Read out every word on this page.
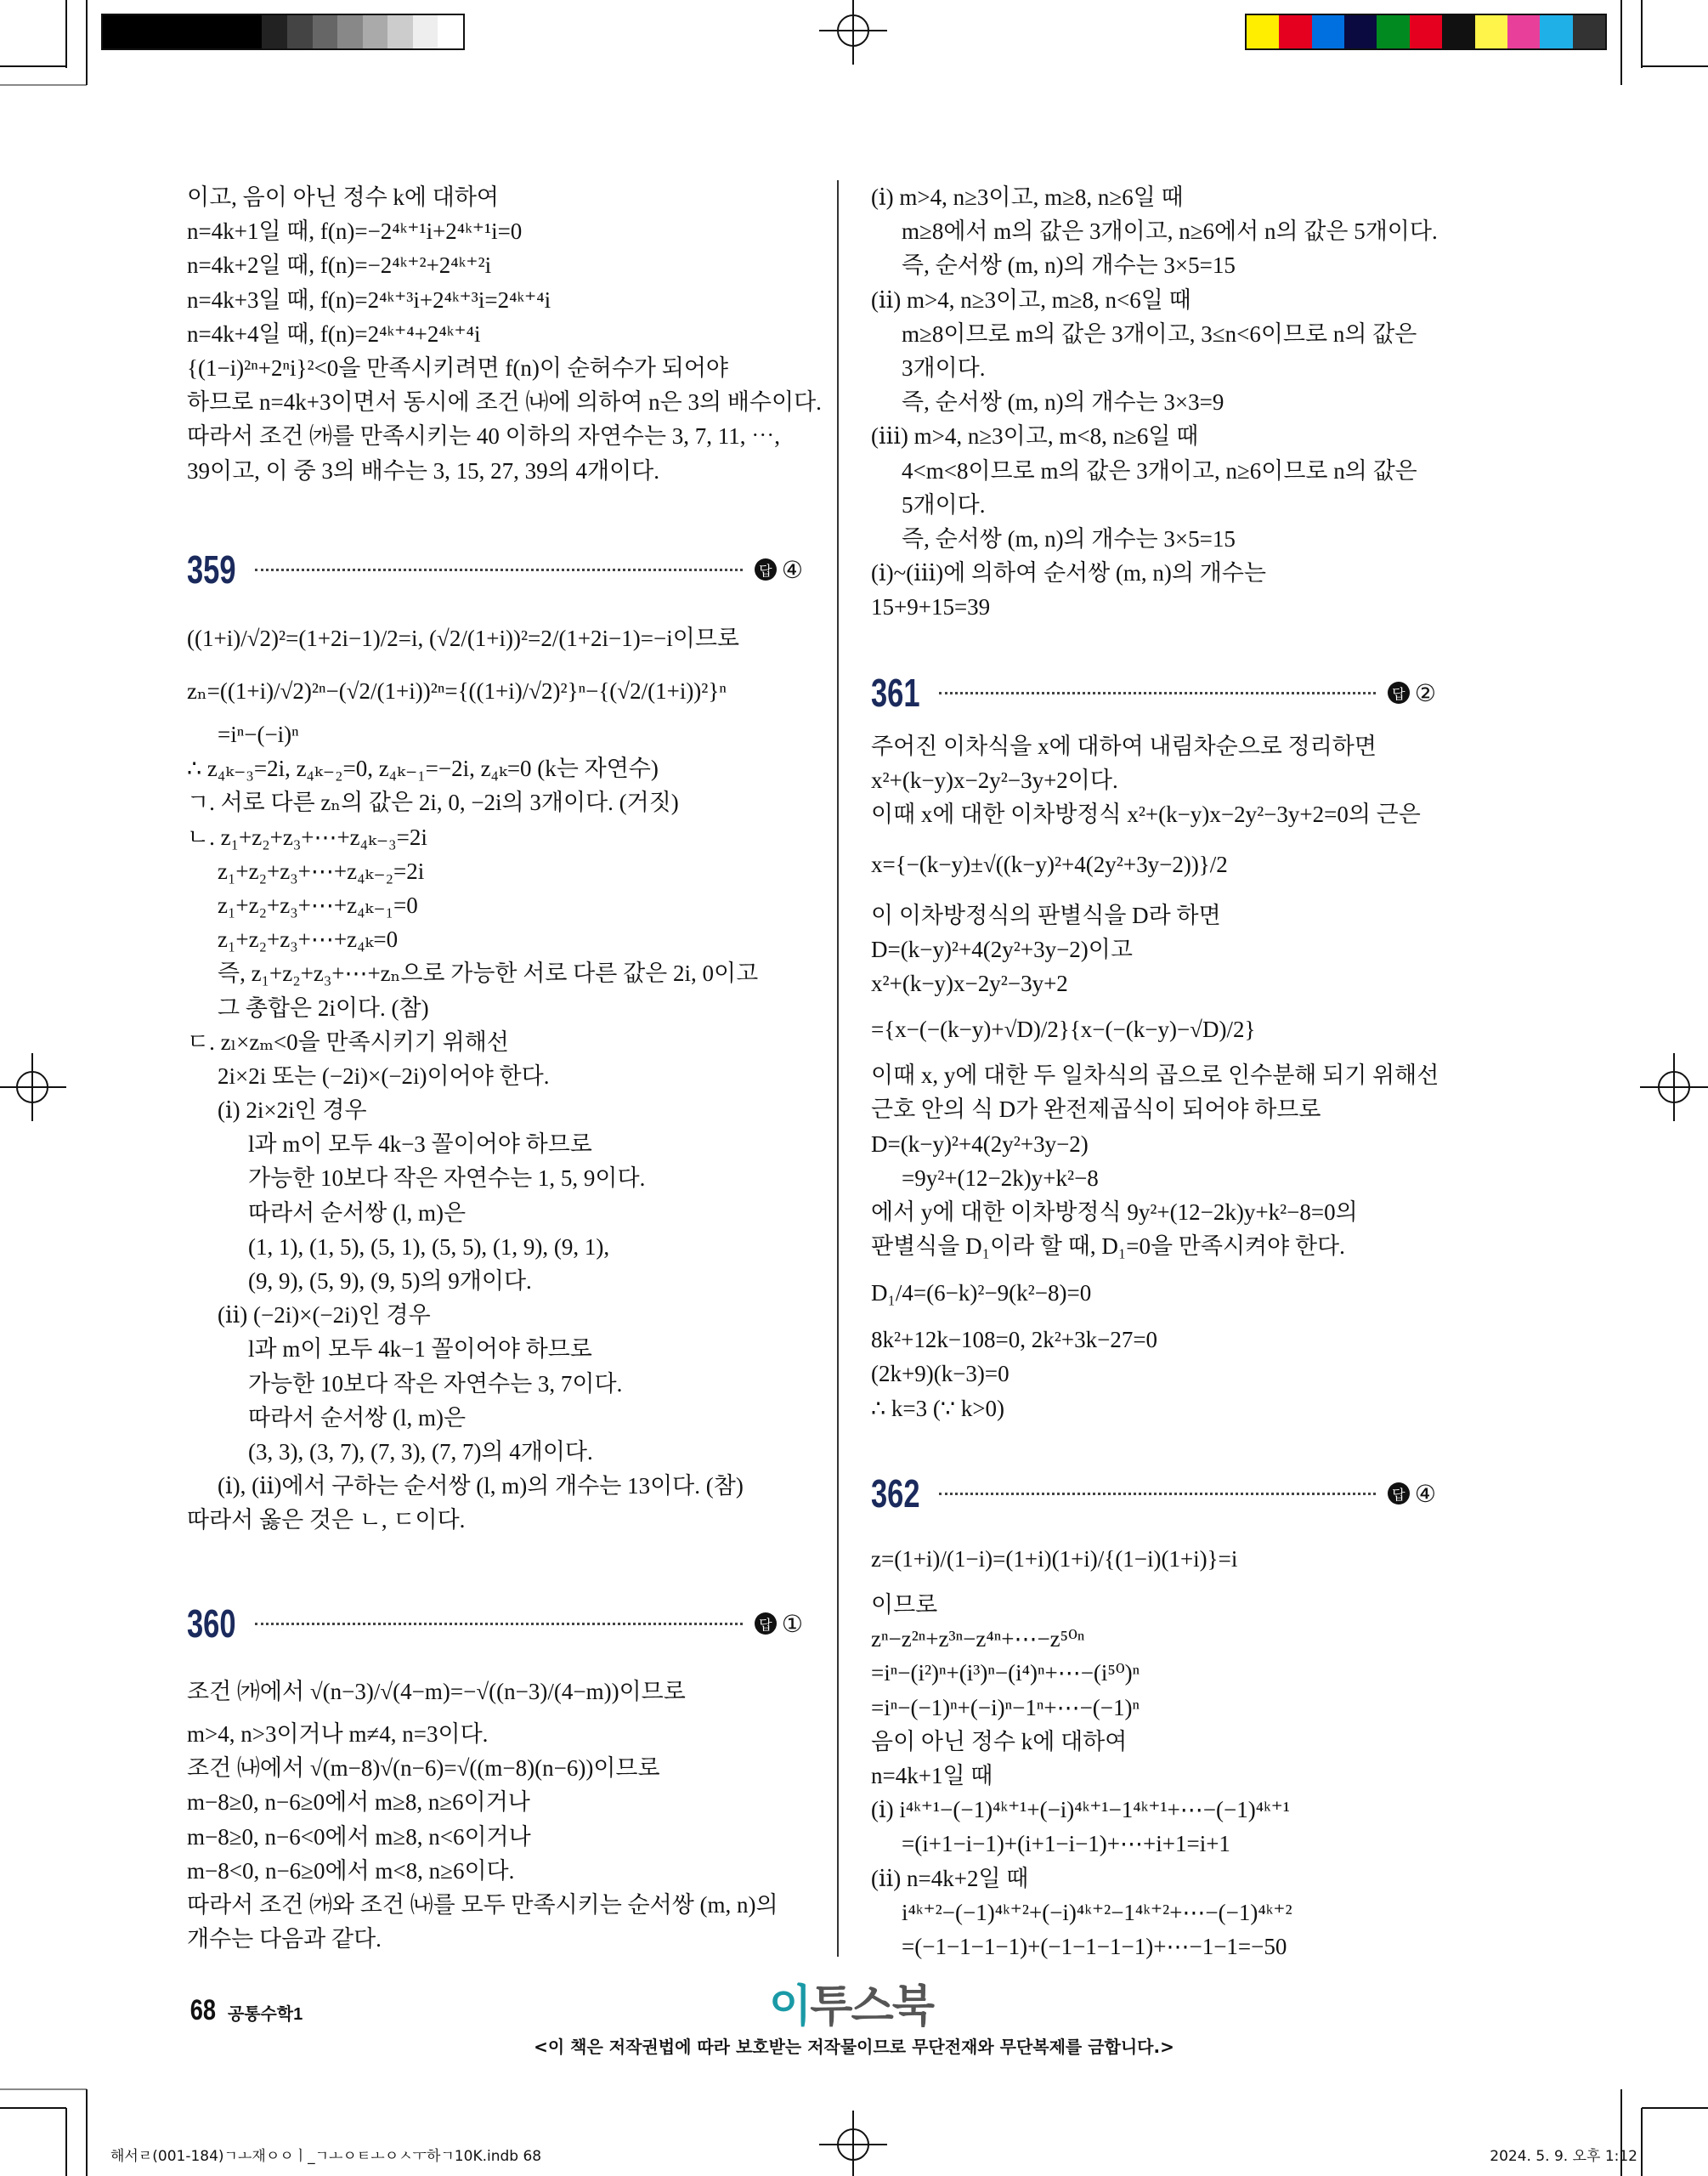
이고, 음이 아닌 정수 k에 대하여
n=4k+1일 때, f(n)=−2⁴ᵏ⁺¹i+2⁴ᵏ⁺¹i=0
n=4k+2일 때, f(n)=−2⁴ᵏ⁺²+2⁴ᵏ⁺²i
n=4k+3일 때, f(n)=2⁴ᵏ⁺³i+2⁴ᵏ⁺³i=2⁴ᵏ⁺⁴i
n=4k+4일 때, f(n)=2⁴ᵏ⁺⁴+2⁴ᵏ⁺⁴i
{(1−i)²ⁿ+2ⁿi}²<0을 만족시키려면 f(n)이 순허수가 되어야
하므로 n=4k+3이면서 동시에 조건 ㈏에 의하여 n은 3의 배수이다.
따라서 조건 ㈎를 만족시키는 40 이하의 자연수는 3, 7, 11, ⋯,
39이고, 이 중 3의 배수는 3, 15, 27, 39의 4개이다.
359	답 ④
((1+i)/√2)²=(1+2i−1)/2=i, (√2/(1+i))²=2/(1+2i−1)=−i이므로
zₙ=((1+i)/√2)²ⁿ−(√2/(1+i))²ⁿ={((1+i)/√2)²}ⁿ−{(√2/(1+i))²}ⁿ
=iⁿ−(−i)ⁿ
∴ z₄ₖ₋₃=2i, z₄ₖ₋₂=0, z₄ₖ₋₁=−2i, z₄ₖ=0 (k는 자연수)
ㄱ. 서로 다른 zₙ의 값은 2i, 0, −2i의 3개이다. (거짓)
ㄴ. z₁+z₂+z₃+⋯+z₄ₖ₋₃=2i
z₁+z₂+z₃+⋯+z₄ₖ₋₂=2i
z₁+z₂+z₃+⋯+z₄ₖ₋₁=0
z₁+z₂+z₃+⋯+z₄ₖ=0
즉, z₁+z₂+z₃+⋯+zₙ으로 가능한 서로 다른 값은 2i, 0이고
그 총합은 2i이다. (참)
ㄷ. zₗ×zₘ<0을 만족시키기 위해선
2i×2i 또는 (−2i)×(−2i)이어야 한다.
(ⅰ) 2i×2i인 경우
l과 m이 모두 4k−3 꼴이어야 하므로
가능한 10보다 작은 자연수는 1, 5, 9이다.
따라서 순서쌍 (l, m)은
(1, 1), (1, 5), (5, 1), (5, 5), (1, 9), (9, 1),
(9, 9), (5, 9), (9, 5)의 9개이다.
(ⅱ) (−2i)×(−2i)인 경우
l과 m이 모두 4k−1 꼴이어야 하므로
가능한 10보다 작은 자연수는 3, 7이다.
따라서 순서쌍 (l, m)은
(3, 3), (3, 7), (7, 3), (7, 7)의 4개이다.
(ⅰ), (ⅱ)에서 구하는 순서쌍 (l, m)의 개수는 13이다. (참)
따라서 옳은 것은 ㄴ, ㄷ이다.
360	답 ①
조건 ㈎에서 √(n−3)/√(4−m)=−√((n−3)/(4−m))이므로
m>4, n>3이거나 m≠4, n=3이다.
조건 ㈏에서 √(m−8)√(n−6)=√((m−8)(n−6))이므로
m−8≥0, n−6≥0에서 m≥8, n≥6이거나
m−8≥0, n−6<0에서 m≥8, n<6이거나
m−8<0, n−6≥0에서 m<8, n≥6이다.
따라서 조건 ㈎와 조건 ㈏를 모두 만족시키는 순서쌍 (m, n)의
개수는 다음과 같다.
(ⅰ) m>4, n≥3이고, m≥8, n≥6일 때
m≥8에서 m의 값은 3개이고, n≥6에서 n의 값은 5개이다.
즉, 순서쌍 (m, n)의 개수는 3×5=15
(ⅱ) m>4, n≥3이고, m≥8, n<6일 때
m≥8이므로 m의 값은 3개이고, 3≤n<6이므로 n의 값은
3개이다.
즉, 순서쌍 (m, n)의 개수는 3×3=9
(ⅲ) m>4, n≥3이고, m<8, n≥6일 때
4<m<8이므로 m의 값은 3개이고, n≥6이므로 n의 값은
5개이다.
즉, 순서쌍 (m, n)의 개수는 3×5=15
(ⅰ)~(ⅲ)에 의하여 순서쌍 (m, n)의 개수는
15+9+15=39
361	답 ②
주어진 이차식을 x에 대하여 내림차순으로 정리하면
x²+(k−y)x−2y²−3y+2이다.
이때 x에 대한 이차방정식 x²+(k−y)x−2y²−3y+2=0의 근은
x={−(k−y)±√((k−y)²+4(2y²+3y−2))}/2
이 이차방정식의 판별식을 D라 하면
D=(k−y)²+4(2y²+3y−2)이고
x²+(k−y)x−2y²−3y+2
={x−(−(k−y)+√D)/2}{x−(−(k−y)−√D)/2}
이때 x, y에 대한 두 일차식의 곱으로 인수분해 되기 위해선
근호 안의 식 D가 완전제곱식이 되어야 하므로
D=(k−y)²+4(2y²+3y−2)
=9y²+(12−2k)y+k²−8
에서 y에 대한 이차방정식 9y²+(12−2k)y+k²−8=0의
판별식을 D₁이라 할 때, D₁=0을 만족시켜야 한다.
D₁/4=(6−k)²−9(k²−8)=0
8k²+12k−108=0, 2k²+3k−27=0
(2k+9)(k−3)=0
∴ k=3 (∵ k>0)
362	답 ④
z=(1+i)/(1−i)=(1+i)(1+i)/{(1−i)(1+i)}=i
이므로
zⁿ−z²ⁿ+z³ⁿ−z⁴ⁿ+⋯−z⁵⁰ⁿ
=iⁿ−(i²)ⁿ+(i³)ⁿ−(i⁴)ⁿ+⋯−(i⁵⁰)ⁿ
=iⁿ−(−1)ⁿ+(−i)ⁿ−1ⁿ+⋯−(−1)ⁿ
음이 아닌 정수 k에 대하여
n=4k+1일 때
(ⅰ) i⁴ᵏ⁺¹−(−1)⁴ᵏ⁺¹+(−i)⁴ᵏ⁺¹−1⁴ᵏ⁺¹+⋯−(−1)⁴ᵏ⁺¹
=(i+1−i−1)+(i+1−i−1)+⋯+i+1=i+1
(ⅱ) n=4k+2일 때
i⁴ᵏ⁺²−(−1)⁴ᵏ⁺²+(−i)⁴ᵏ⁺²−1⁴ᵏ⁺²+⋯−(−1)⁴ᵏ⁺²
=(−1−1−1−1)+(−1−1−1−1)+⋯−1−1=−50
68 공통수학1	이투스북
<이 책은 저작권법에 따라 보호받는 저작물이므로 무단전재와 무단복제를 금합니다.>
해서ㄹ(001-184)ㄱㅗ재ㅇㅇㅣ_ㄱㅗㅇㅌㅗㅇㅅㅜ하ㄱ10K.indb 68	2024. 5. 9. 오후 1:12
